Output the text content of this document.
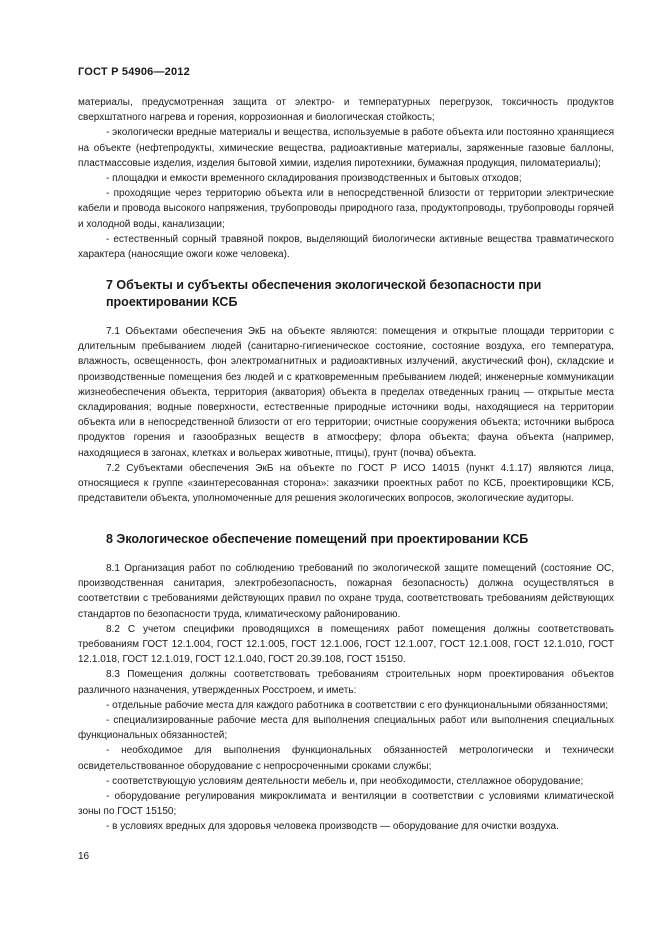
ГОСТ Р 54906—2012

материалы, предусмотренная защита от электро- и температурных перегрузок, токсичность продуктов сверхштатного нагрева и горения, коррозионная и биологическая стойкость;

- экологически вредные материалы и вещества, используемые в работе объекта или постоянно хранящиеся на объекте (нефтепродукты, химические вещества, радиоактивные материалы, заряженные газовые баллоны, пластмассовые изделия, изделия бытовой химии, изделия пиротехники, бумажная продукция, пиломатериалы);

- площадки и емкости временного складирования производственных и бытовых отходов;

- проходящие через территорию объекта или в непосредственной близости от территории электрические кабели и провода высокого напряжения, трубопроводы природного газа, продуктопроводы, трубопроводы горячей и холодной воды, канализации;

- естественный сорный травяной покров, выделяющий биологически активные вещества травматического характера (наносящие ожоги коже человека).

7 Объекты и субъекты обеспечения экологической безопасности при проектировании КСБ

7.1 Объектами обеспечения ЭкБ на объекте являются: помещения и открытые площади территории с длительным пребыванием людей (санитарно-гигиеническое состояние, состояние воздуха, его температура, влажность, освещенность, фон электромагнитных и радиоактивных излучений, акустический фон), складские и производственные помещения без людей и с кратковременным пребыванием людей; инженерные коммуникации жизнеобеспечения объекта, территория (акватория) объекта в пределах отведенных границ — открытые места складирования; водные поверхности, естественные природные источники воды, находящиеся на территории объекта или в непосредственной близости от его территории; очистные сооружения объекта; источники выброса продуктов горения и газообразных веществ в атмосферу; флора объекта; фауна объекта (например, находящиеся в загонах, клетках и вольерах животные, птицы), грунт (почва) объекта.

7.2 Субъектами обеспечения ЭкБ на объекте по ГОСТ Р ИСО 14015 (пункт 4.1.17) являются лица, относящиеся к группе «заинтересованная сторона»: заказчики проектных работ по КСБ, проектировщики КСБ, представители объекта, уполномоченные для решения экологических вопросов, экологические аудиторы.

8 Экологическое обеспечение помещений при проектировании КСБ

8.1 Организация работ по соблюдению требований по экологической защите помещений (состояние ОС, производственная санитария, электробезопасность, пожарная безопасность) должна осуществляться в соответствии с требованиями действующих правил по охране труда, соответствовать требованиям действующих стандартов по безопасности труда, климатическому районированию.

8.2 С учетом специфики проводящихся в помещениях работ помещения должны соответствовать требованиям ГОСТ 12.1.004, ГОСТ 12.1.005, ГОСТ 12.1.006, ГОСТ 12.1.007, ГОСТ 12.1.008, ГОСТ 12.1.010, ГОСТ 12.1.018, ГОСТ 12.1.019, ГОСТ 12.1.040, ГОСТ 20.39.108, ГОСТ 15150.

8.3 Помещения должны соответствовать требованиям строительных норм проектирования объектов различного назначения, утвержденных Росстроем, и иметь:

- отдельные рабочие места для каждого работника в соответствии с его функциональными обязанностями;

- специализированные рабочие места для выполнения специальных работ или выполнения специальных функциональных обязанностей;

- необходимое для выполнения функциональных обязанностей метрологически и технически освидетельствованное оборудование с непросроченными сроками службы;

- соответствующую условиям деятельности мебель и, при необходимости, стеллажное оборудование;

- оборудование регулирования микроклимата и вентиляции в соответствии с условиями климатической зоны по ГОСТ 15150;

- в условиях вредных для здоровья человека производств — оборудование для очистки воздуха.

16
